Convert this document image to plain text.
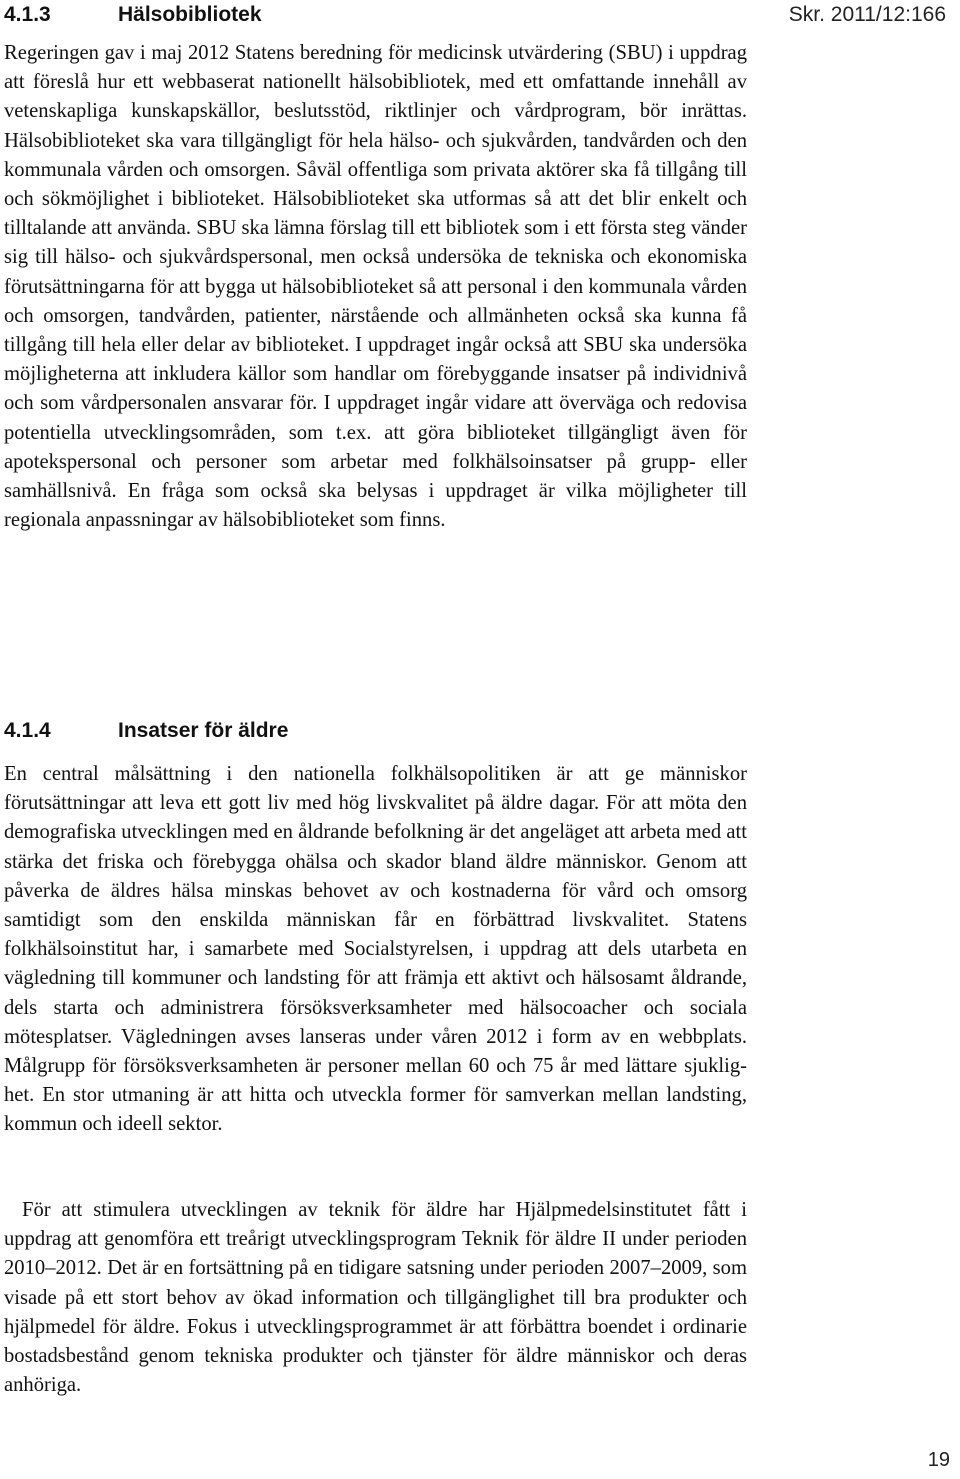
4.1.3	Hälsobibliotek

Regeringen gav i maj 2012 Statens beredning för medicinsk utvärdering (SBU) i uppdrag att föreslå hur ett webbaserat nationellt hälsobibliotek, med ett omfattande innehåll av vetenskapliga kunskapskällor, beslutsstöd, riktlinjer och vårdprogram, bör inrättas. Hälsobiblioteket ska vara tillgängligt för hela hälso- och sjukvården, tandvården och den kommunala vården och omsorgen. Såväl offentliga som privata aktörer ska få tillgång till och sökmöjlighet i biblioteket. Hälsobiblioteket ska utformas så att det blir enkelt och tilltalande att använda. SBU ska lämna förslag till ett bibliotek som i ett första steg vänder sig till hälso- och sjukvårdspersonal, men också undersöka de tekniska och ekonomiska förutsättningarna för att bygga ut hälsobiblioteket så att personal i den kommunala vården och omsorgen, tandvården, patienter, närstående och allmänheten också ska kunna få tillgång till hela eller delar av biblioteket. I uppdraget ingår också att SBU ska undersöka möjligheterna att inkludera källor som handlar om förebyggande insatser på individnivå och som vårdpersonalen ansvarar för. I uppdraget ingår vidare att överväga och redovisa potentiella utvecklingsområden, som t.ex. att göra biblioteket tillgängligt även för apotekspersonal och personer som arbetar med folkhälsoinsatser på grupp- eller samhällsnivå. En fråga som också ska belysas i uppdraget är vilka möjligheter till regionala anpassningar av hälsobiblioteket som finns.

4.1.4	Insatser för äldre

En central målsättning i den nationella folkhälsopolitiken är att ge människor förutsättningar att leva ett gott liv med hög livskvalitet på äldre dagar. För att möta den demografiska utvecklingen med en åldrande befolkning är det angeläget att arbeta med att stärka det friska och förebygga ohälsa och skador bland äldre människor. Genom att påverka de äldres hälsa minskas behovet av och kostnaderna för vård och omsorg samtidigt som den enskilda människan får en förbättrad livskvalitet. Statens folkhälsoinstitut har, i samarbete med Socialstyrelsen, i uppdrag att dels utarbeta en vägledning till kommuner och landsting för att främja ett aktivt och hälsosamt åldrande, dels starta och administrera försöksverksamheter med hälsocoacher och sociala mötesplatser. Vägledningen avses lanseras under våren 2012 i form av en webbplats. Målgrupp för försöksverksamheten är personer mellan 60 och 75 år med lättare sjuklighet. En stor utmaning är att hitta och utveckla former för samverkan mellan landsting, kommun och ideell sektor.

För att stimulera utvecklingen av teknik för äldre har Hjälpmedelsinstitutet fått i uppdrag att genomföra ett treårigt utvecklingsprogram Teknik för äldre II under perioden 2010–2012. Det är en fortsättning på en tidigare satsning under perioden 2007–2009, som visade på ett stort behov av ökad information och tillgänglighet till bra produkter och hjälpmedel för äldre. Fokus i utvecklingsprogrammet är att förbättra boendet i ordinarie bostadsbestånd genom tekniska produkter och tjänster för äldre människor och deras anhöriga.

Skr. 2011/12:166
19
